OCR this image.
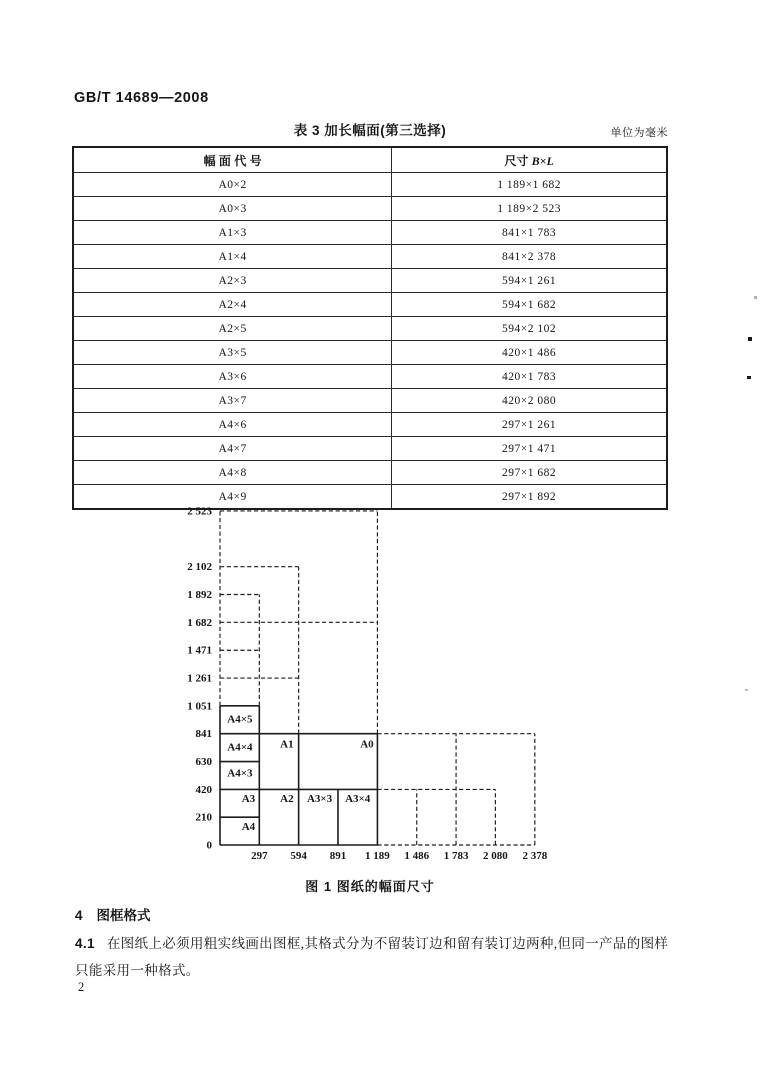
GB/T 14689—2008
表 3 加长幅面(第三选择)	单位为毫米
幅 面 代 号	尺寸 B×L
A0×2	1 189×1 682
A0×3	1 189×2 523
A1×3	841×1 783
A1×4	841×2 378
A2×3	594×1 261
A2×4	594×1 682
A2×5	594×2 102
A3×5	420×1 486
A3×6	420×1 783
A3×7	420×2 080
A4×6	297×1 261
A4×7	297×1 471
A4×8	297×1 682
A4×9	297×1 892
2 523
2 102
1 892
1 682
1 471
1 261
1 051
841
630
420
210
0
297 594 891 1 189 1 486 1 783 2 080 2 378
A4×5
A4×4
A4×3
A3
A4
A1	A0
A2 A3×3 A3×4
图 1 图纸的幅面尺寸
4 图框格式
4.1 在图纸上必须用粗实线画出图框,其格式分为不留装订边和留有装订边两种,但同一产品的图样
只能采用一种格式。
2
